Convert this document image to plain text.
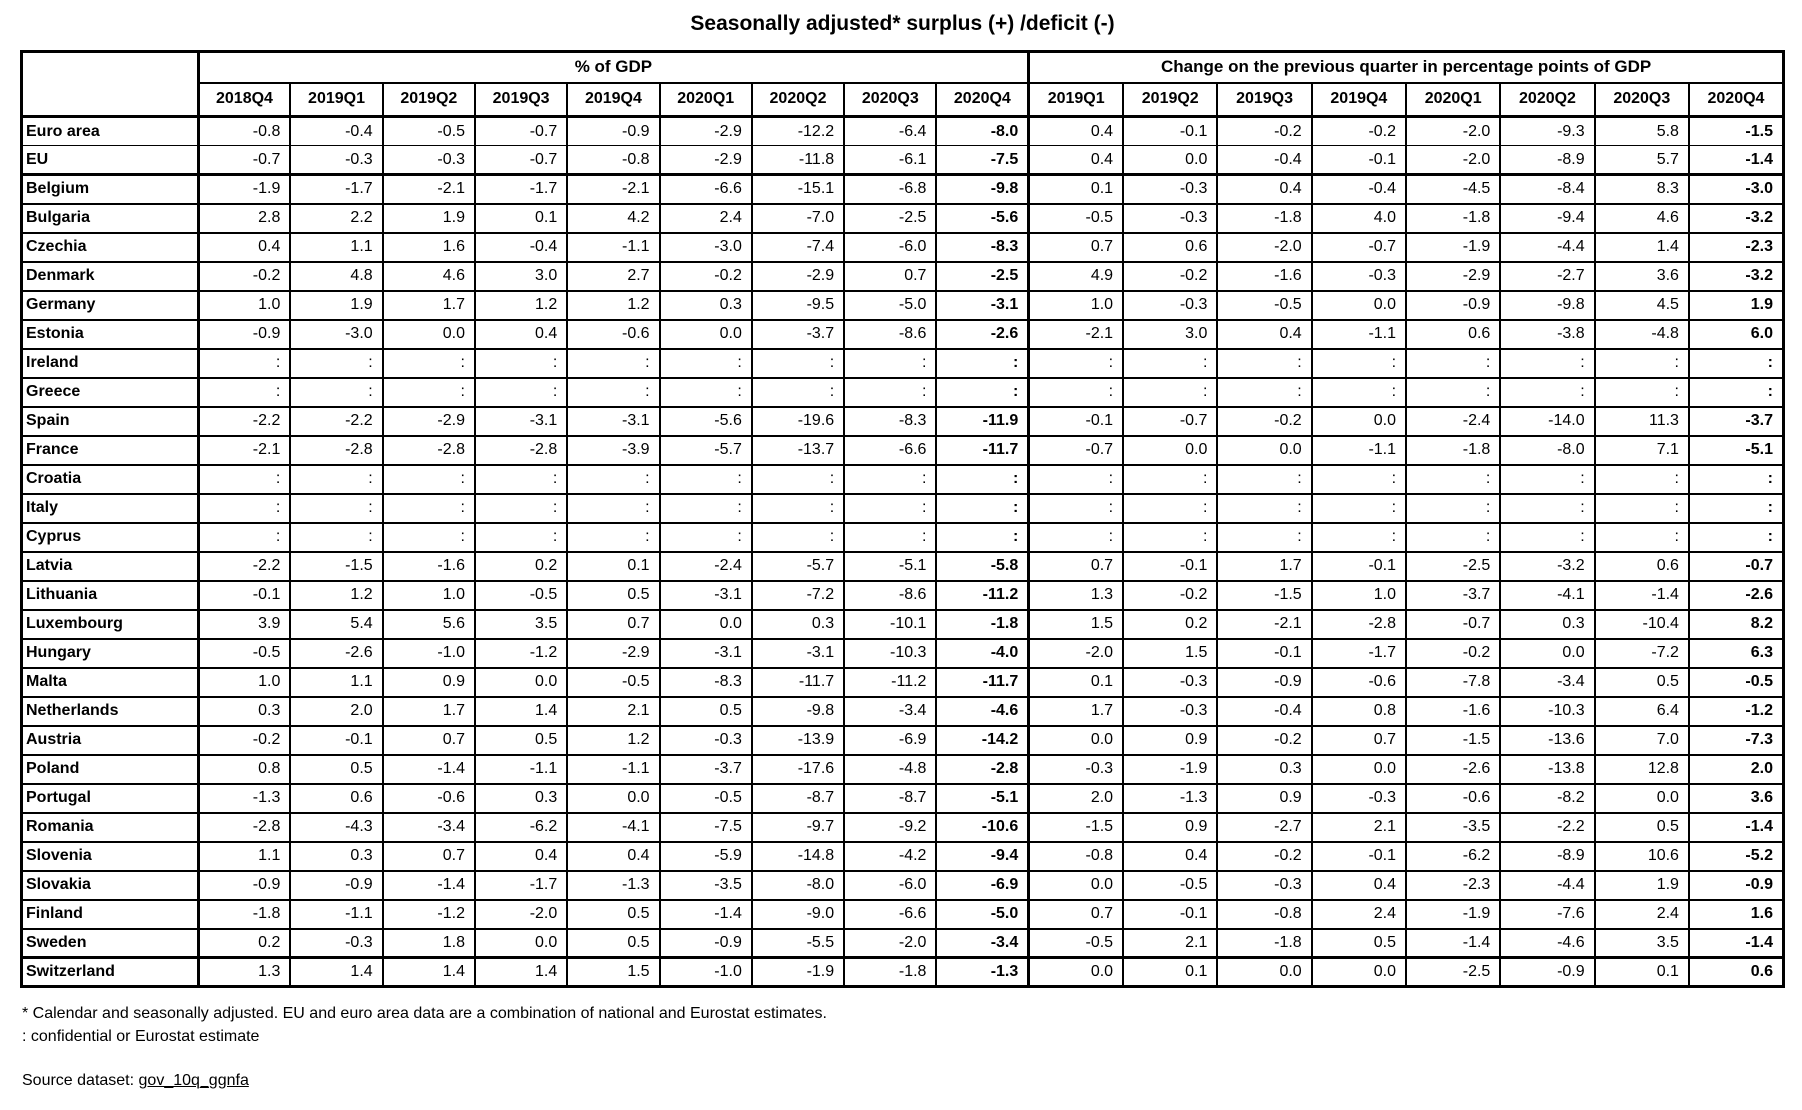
Seasonally adjusted* surplus (+) /deficit (-)
	% of GDP									Change on the previous quarter in percentage points of GDP							
	2018Q4	2019Q1	2019Q2	2019Q3	2019Q4	2020Q1	2020Q2	2020Q3	2020Q4	2019Q1	2019Q2	2019Q3	2019Q4	2020Q1	2020Q2	2020Q3	2020Q4
Euro area	-0.8	-0.4	-0.5	-0.7	-0.9	-2.9	-12.2	-6.4	-8.0	0.4	-0.1	-0.2	-0.2	-2.0	-9.3	5.8	-1.5
EU	-0.7	-0.3	-0.3	-0.7	-0.8	-2.9	-11.8	-6.1	-7.5	0.4	0.0	-0.4	-0.1	-2.0	-8.9	5.7	-1.4
Belgium	-1.9	-1.7	-2.1	-1.7	-2.1	-6.6	-15.1	-6.8	-9.8	0.1	-0.3	0.4	-0.4	-4.5	-8.4	8.3	-3.0
Bulgaria	2.8	2.2	1.9	0.1	4.2	2.4	-7.0	-2.5	-5.6	-0.5	-0.3	-1.8	4.0	-1.8	-9.4	4.6	-3.2
Czechia	0.4	1.1	1.6	-0.4	-1.1	-3.0	-7.4	-6.0	-8.3	0.7	0.6	-2.0	-0.7	-1.9	-4.4	1.4	-2.3
Denmark	-0.2	4.8	4.6	3.0	2.7	-0.2	-2.9	0.7	-2.5	4.9	-0.2	-1.6	-0.3	-2.9	-2.7	3.6	-3.2
Germany	1.0	1.9	1.7	1.2	1.2	0.3	-9.5	-5.0	-3.1	1.0	-0.3	-0.5	0.0	-0.9	-9.8	4.5	1.9
Estonia	-0.9	-3.0	0.0	0.4	-0.6	0.0	-3.7	-8.6	-2.6	-2.1	3.0	0.4	-1.1	0.6	-3.8	-4.8	6.0
Ireland	:	:	:	:	:	:	:	:	:	:	:	:	:	:	:	:	:
Greece	:	:	:	:	:	:	:	:	:	:	:	:	:	:	:	:	:
Spain	-2.2	-2.2	-2.9	-3.1	-3.1	-5.6	-19.6	-8.3	-11.9	-0.1	-0.7	-0.2	0.0	-2.4	-14.0	11.3	-3.7
France	-2.1	-2.8	-2.8	-2.8	-3.9	-5.7	-13.7	-6.6	-11.7	-0.7	0.0	0.0	-1.1	-1.8	-8.0	7.1	-5.1
Croatia	:	:	:	:	:	:	:	:	:	:	:	:	:	:	:	:	:
Italy	:	:	:	:	:	:	:	:	:	:	:	:	:	:	:	:	:
Cyprus	:	:	:	:	:	:	:	:	:	:	:	:	:	:	:	:	:
Latvia	-2.2	-1.5	-1.6	0.2	0.1	-2.4	-5.7	-5.1	-5.8	0.7	-0.1	1.7	-0.1	-2.5	-3.2	0.6	-0.7
Lithuania	-0.1	1.2	1.0	-0.5	0.5	-3.1	-7.2	-8.6	-11.2	1.3	-0.2	-1.5	1.0	-3.7	-4.1	-1.4	-2.6
Luxembourg	3.9	5.4	5.6	3.5	0.7	0.0	0.3	-10.1	-1.8	1.5	0.2	-2.1	-2.8	-0.7	0.3	-10.4	8.2
Hungary	-0.5	-2.6	-1.0	-1.2	-2.9	-3.1	-3.1	-10.3	-4.0	-2.0	1.5	-0.1	-1.7	-0.2	0.0	-7.2	6.3
Malta	1.0	1.1	0.9	0.0	-0.5	-8.3	-11.7	-11.2	-11.7	0.1	-0.3	-0.9	-0.6	-7.8	-3.4	0.5	-0.5
Netherlands	0.3	2.0	1.7	1.4	2.1	0.5	-9.8	-3.4	-4.6	1.7	-0.3	-0.4	0.8	-1.6	-10.3	6.4	-1.2
Austria	-0.2	-0.1	0.7	0.5	1.2	-0.3	-13.9	-6.9	-14.2	0.0	0.9	-0.2	0.7	-1.5	-13.6	7.0	-7.3
Poland	0.8	0.5	-1.4	-1.1	-1.1	-3.7	-17.6	-4.8	-2.8	-0.3	-1.9	0.3	0.0	-2.6	-13.8	12.8	2.0
Portugal	-1.3	0.6	-0.6	0.3	0.0	-0.5	-8.7	-8.7	-5.1	2.0	-1.3	0.9	-0.3	-0.6	-8.2	0.0	3.6
Romania	-2.8	-4.3	-3.4	-6.2	-4.1	-7.5	-9.7	-9.2	-10.6	-1.5	0.9	-2.7	2.1	-3.5	-2.2	0.5	-1.4
Slovenia	1.1	0.3	0.7	0.4	0.4	-5.9	-14.8	-4.2	-9.4	-0.8	0.4	-0.2	-0.1	-6.2	-8.9	10.6	-5.2
Slovakia	-0.9	-0.9	-1.4	-1.7	-1.3	-3.5	-8.0	-6.0	-6.9	0.0	-0.5	-0.3	0.4	-2.3	-4.4	1.9	-0.9
Finland	-1.8	-1.1	-1.2	-2.0	0.5	-1.4	-9.0	-6.6	-5.0	0.7	-0.1	-0.8	2.4	-1.9	-7.6	2.4	1.6
Sweden	0.2	-0.3	1.8	0.0	0.5	-0.9	-5.5	-2.0	-3.4	-0.5	2.1	-1.8	0.5	-1.4	-4.6	3.5	-1.4
Switzerland	1.3	1.4	1.4	1.4	1.5	-1.0	-1.9	-1.8	-1.3	0.0	0.1	0.0	0.0	-2.5	-0.9	0.1	0.6
* Calendar and seasonally adjusted. EU and euro area data are a combination of national and Eurostat estimates.
: confidential or Eurostat estimate
Source dataset: gov_10q_ggnfa
